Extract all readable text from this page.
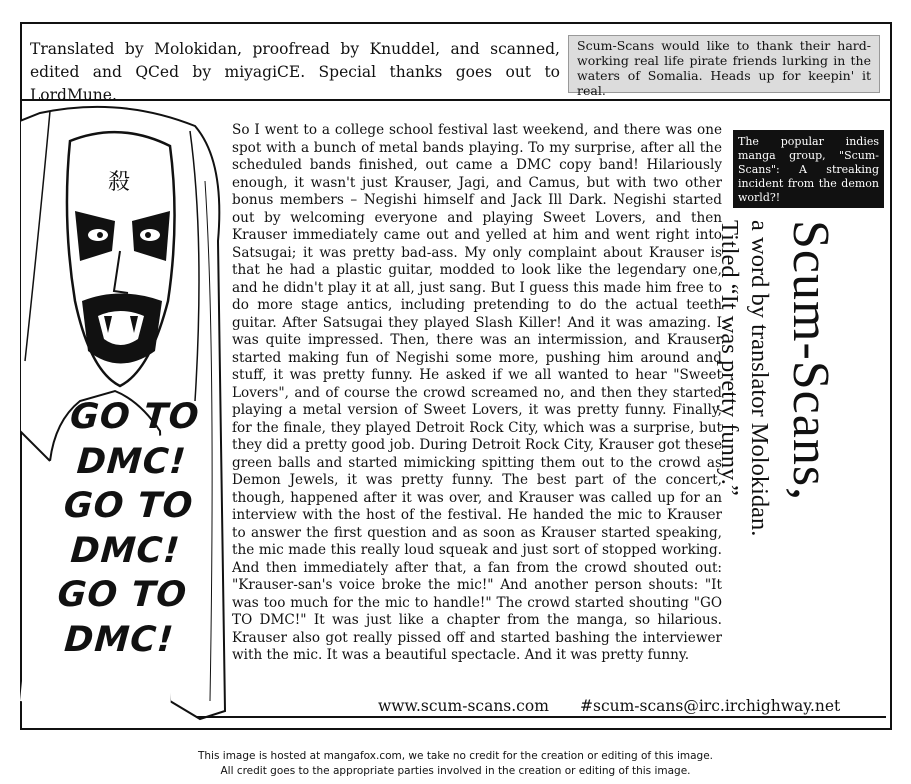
Translated by Molokidan, proofread by Knuddel, and scanned, edited and QCed by miyagiCE. Special thanks goes out to LordMune.
Scum-Scans would like to thank their hard-working real life pirate friends lurking in the waters of Somalia. Heads up for keepin' it real.
殺
GO TO
DMC!
GO TO
DMC!
GO TO
DMC!
So I went to a college school festival last weekend, and there was one spot with a bunch of metal bands playing. To my surprise, after all the scheduled bands finished, out came a DMC copy band! Hilariously enough, it wasn't just Krauser, Jagi, and Camus, but with two other bonus members – Negishi himself and Jack Ill Dark. Negishi started out by welcoming everyone and playing Sweet Lovers, and then Krauser immediately came out and yelled at him and went right into Satsugai; it was pretty bad-ass. My only complaint about Krauser is that he had a plastic guitar, modded to look like the legendary one, and he didn't play it at all, just sang. But I guess this made him free to do more stage antics, including pretending to do the actual teeth guitar. After Satsugai they played Slash Killer! And it was amazing. I was quite impressed. Then, there was an intermission, and Krauser started making fun of Negishi some more, pushing him around and stuff, it was pretty funny. He asked if we all wanted to hear "Sweet Lovers", and of course the crowd screamed no, and then they started playing a metal version of Sweet Lovers, it was pretty funny. Finally, for the finale, they played Detroit Rock City, which was a surprise, but they did a pretty good job. During Detroit Rock City, Krauser got these green balls and started mimicking spitting them out to the crowd as Demon Jewels, it was pretty funny. The best part of the concert, though, happened after it was over, and Krauser was called up for an interview with the host of the festival. He handed the mic to Krauser to answer the first question and as soon as Krauser started speaking, the mic made this really loud squeak and just sort of stopped working. And then immediately after that, a fan from the crowd shouted out: "Krauser-san's voice broke the mic!" And another person shouts: "It was too much for the mic to handle!" The crowd started shouting "GO TO DMC!" It was just like a chapter from the manga, so hilarious. Krauser also got really pissed off and started bashing the interviewer with the mic. It was a beautiful spectacle. And it was pretty funny.
The popular indies manga group, "Scum-Scans": A streaking incident from the demon world?!
Scum-Scans,
a word by translator Molokidan.
Titled “It was pretty funny.”
www.scum-scans.com #scum-scans@irc.irchighway.net
This image is hosted at mangafox.com, we take no credit for the creation or editing of this image.
All credit goes to the appropriate parties involved in the creation or editing of this image.
